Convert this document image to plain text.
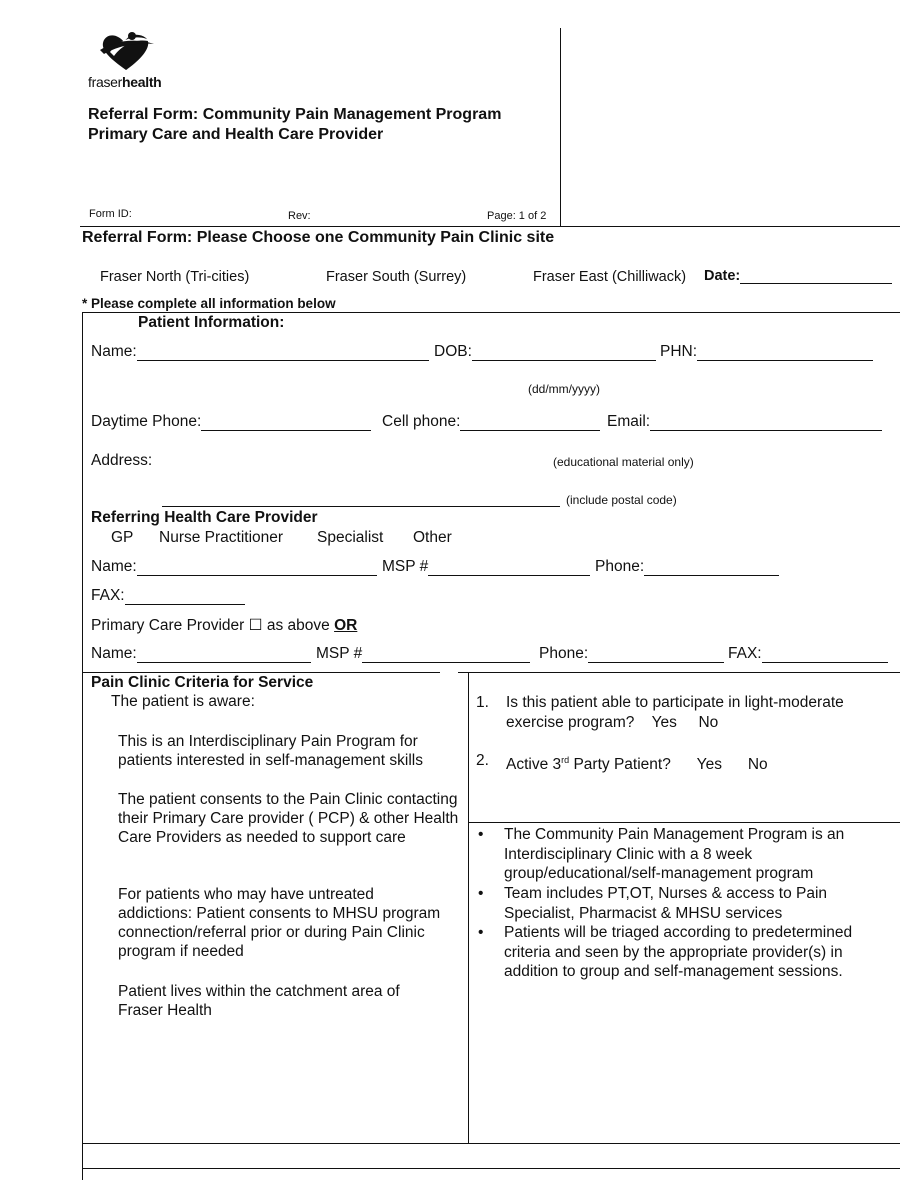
fraserhealth
Referral Form: Community Pain Management Program
Primary Care and Health Care Provider
Form ID:	Rev:	Page: 1 of 2
Referral Form: Please Choose one Community Pain Clinic site
Fraser North (Tri-cities)	Fraser South (Surrey)	Fraser East (Chilliwack) Date:
* Please complete all information below
Patient Information:
Name:	DOB:	PHN:
(dd/mm/yyyy)
Daytime Phone:	Cell phone:	Email:
Address:	(educational material only)
(include postal code)
Referring Health Care Provider
GP Nurse Practitioner Specialist Other
Name:	MSP #	Phone:
FAX:
Primary Care Provider
☐
as above
OR
Name:	MSP #	Phone:	FAX:
Pain Clinic Criteria for Service
The patient is aware:
This is an Interdisciplinary Pain Program for patients interested in self-management skills
The patient consents to the Pain Clinic contacting their Primary Care provider ( PCP) & other Health Care Providers as needed to support care
For patients who may have untreated addictions: Patient consents to MHSU program connection/referral prior or during Pain Clinic program if needed
Patient lives within the catchment area of Fraser Health
1. Is this patient able to participate in light-moderate exercise program? Yes No
2. Active 3rd Party Patient? Yes No
• The Community Pain Management Program is an Interdisciplinary Clinic with a 8 week group/educational/self-management program
• Team includes PT,OT, Nurses & access to Pain Specialist, Pharmacist & MHSU services
• Patients will be triaged according to predetermined criteria and seen by the appropriate provider(s) in addition to group and self-management sessions.
